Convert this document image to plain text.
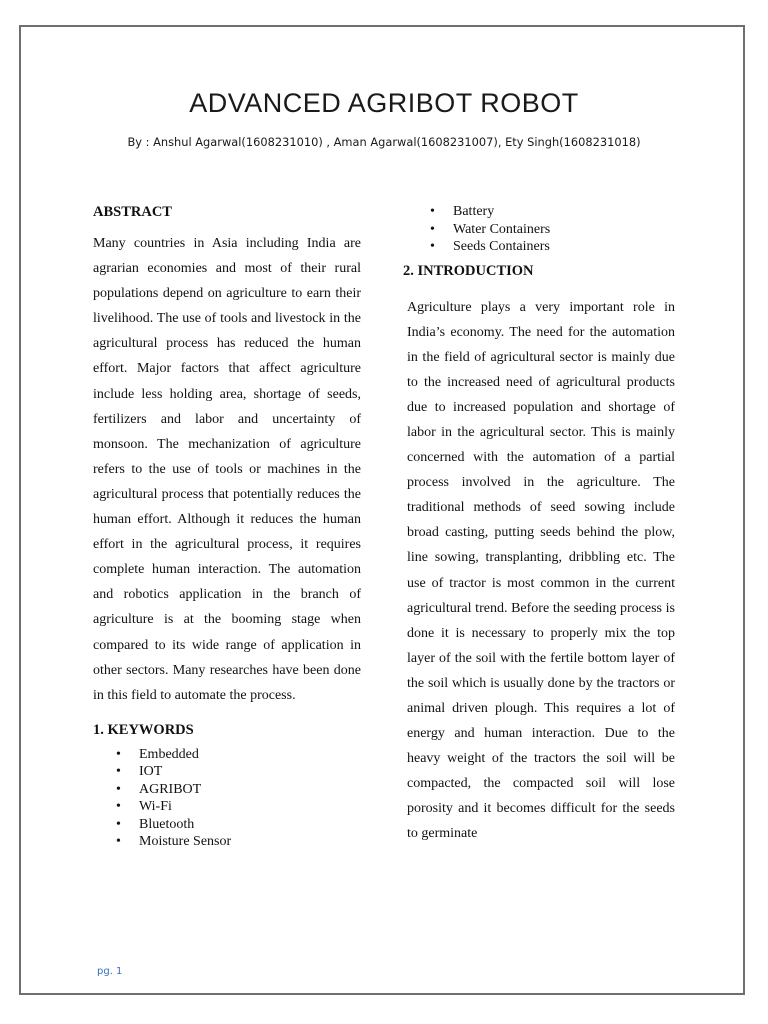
ADVANCED AGRIBOT ROBOT

By : Anshul Agarwal(1608231010) , Aman Agarwal(1608231007), Ety Singh(1608231018)

ABSTRACT

Many countries in Asia including India are agrarian economies and most of their rural populations depend on agriculture to earn their livelihood. The use of tools and livestock in the agricultural process has reduced the human effort. Major factors that affect agriculture include less holding area, shortage of seeds, fertilizers and labor and uncertainty of monsoon. The mechanization of agriculture refers to the use of tools or machines in the agricultural process that potentially reduces the human effort. Although it reduces the human effort in the agricultural process, it requires complete human interaction. The automation and robotics application in the branch of agriculture is at the booming stage when compared to its wide range of application in other sectors. Many researches have been done in this field to automate the process.

1. KEYWORDS

• Embedded
• IOT
• AGRIBOT
• Wi-Fi
• Bluetooth
• Moisture Sensor
• Battery
• Water Containers
• Seeds Containers

2. INTRODUCTION

Agriculture plays a very important role in India’s economy. The need for the automation in the field of agricultural sector is mainly due to the increased need of agricultural products due to increased population and shortage of labor in the agricultural sector. This is mainly concerned with the automation of a partial process involved in the agriculture. The traditional methods of seed sowing include broad casting, putting seeds behind the plow, line sowing, transplanting, dribbling etc. The use of tractor is most common in the current agricultural trend. Before the seeding process is done it is necessary to properly mix the top layer of the soil with the fertile bottom layer of the soil which is usually done by the tractors or animal driven plough. This requires a lot of energy and human interaction. Due to the heavy weight of the tractors the soil will be compacted, the compacted soil will lose porosity and it becomes difficult for the seeds to germinate

pg. 1
